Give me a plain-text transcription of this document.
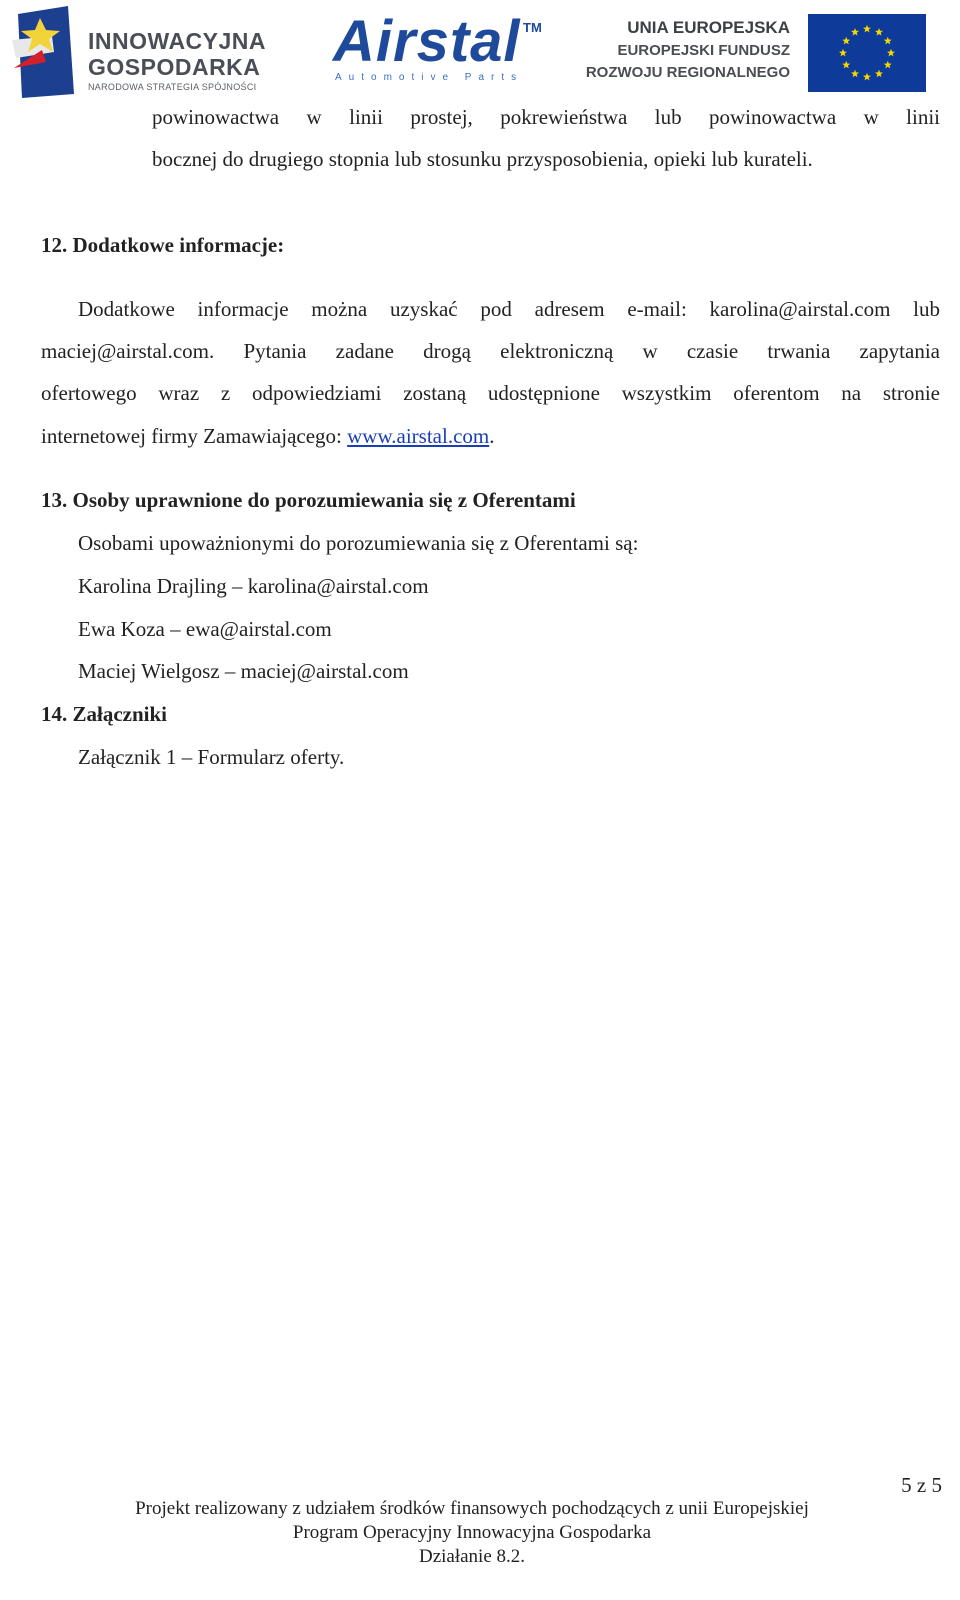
INNOWACYJNA
GOSPODARKA
NARODOWA STRATEGIA SPÓJNOŚCI
Airstal TM
Automotive Parts
UNIA EUROPEJSKA
EUROPEJSKI FUNDUSZ
ROZWOJU REGIONALNEGO

powinowactwa w linii prostej, pokrewieństwa lub powinowactwa w linii

bocznej do drugiego stopnia lub stosunku przysposobienia, opieki lub kurateli.

12. Dodatkowe informacje:

Dodatkowe informacje można uzyskać pod adresem e-mail: karolina@airstal.com lub

maciej@airstal.com. Pytania zadane drogą elektroniczną w czasie trwania zapytania

ofertowego wraz z odpowiedziami zostaną udostępnione wszystkim oferentom na stronie

internetowej firmy Zamawiającego: www.airstal.com.

13. Osoby uprawnione do porozumiewania się z Oferentami

Osobami upoważnionymi do porozumiewania się z Oferentami są:

Karolina Drajling – karolina@airstal.com

Ewa Koza – ewa@airstal.com

Maciej Wielgosz – maciej@airstal.com

14. Załączniki

Załącznik 1 – Formularz oferty.

5 z 5
Projekt realizowany z udziałem środków finansowych pochodzących z unii Europejskiej
Program Operacyjny Innowacyjna Gospodarka
Działanie 8.2.
